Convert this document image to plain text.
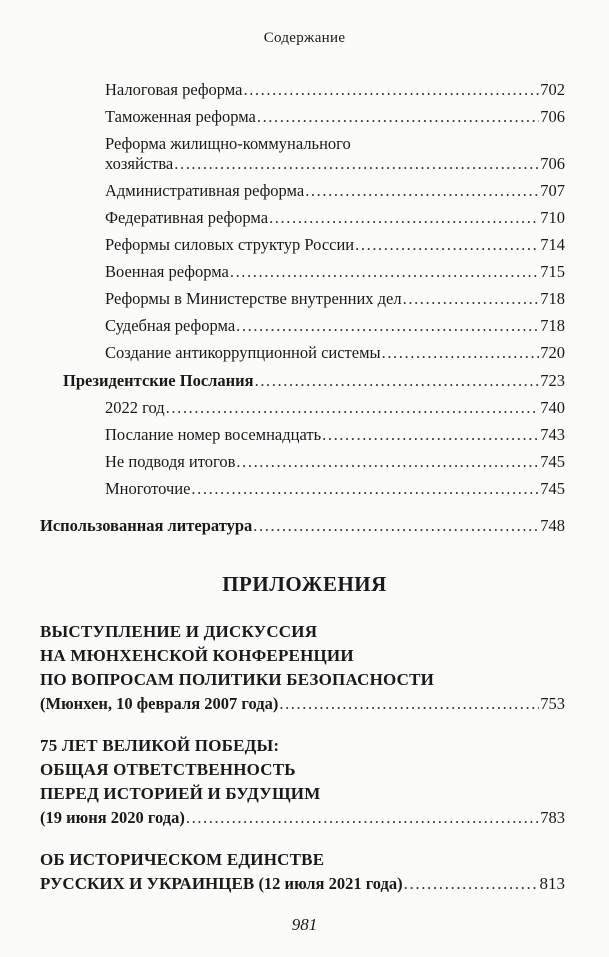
Содержание
Налоговая реформа .....	702
Таможенная реформа .....	706
Реформа жилищно-коммунального
хозяйства .....	706
Административная реформа .....	707
Федеративная реформа .....	710
Реформы силовых структур России .....	714
Военная реформа .....	715
Реформы в Министерстве внутренних дел .....	718
Судебная реформа .....	718
Создание антикоррупционной системы .....	720
Президентские Послания .....	723
2022 год .....	740
Послание номер восемнадцать .....	743
Не подводя итогов .....	745
Многоточие .....	745
Использованная литература .....	748
ПРИЛОЖЕНИЯ
ВЫСТУПЛЕНИЕ И ДИСКУССИЯ
НА МЮНХЕНСКОЙ КОНФЕРЕНЦИИ
ПО ВОПРОСАМ ПОЛИТИКИ БЕЗОПАСНОСТИ
(Мюнхен, 10 февраля 2007 года) .....	753
75 ЛЕТ ВЕЛИКОЙ ПОБЕДЫ:
ОБЩАЯ ОТВЕТСТВЕННОСТЬ
ПЕРЕД ИСТОРИЕЙ И БУДУЩИМ
(19 июня 2020 года) .....	783
ОБ ИСТОРИЧЕСКОМ ЕДИНСТВЕ
РУССКИХ И УКРАИНЦЕВ
(12 июля 2021 года) .....	813
981
